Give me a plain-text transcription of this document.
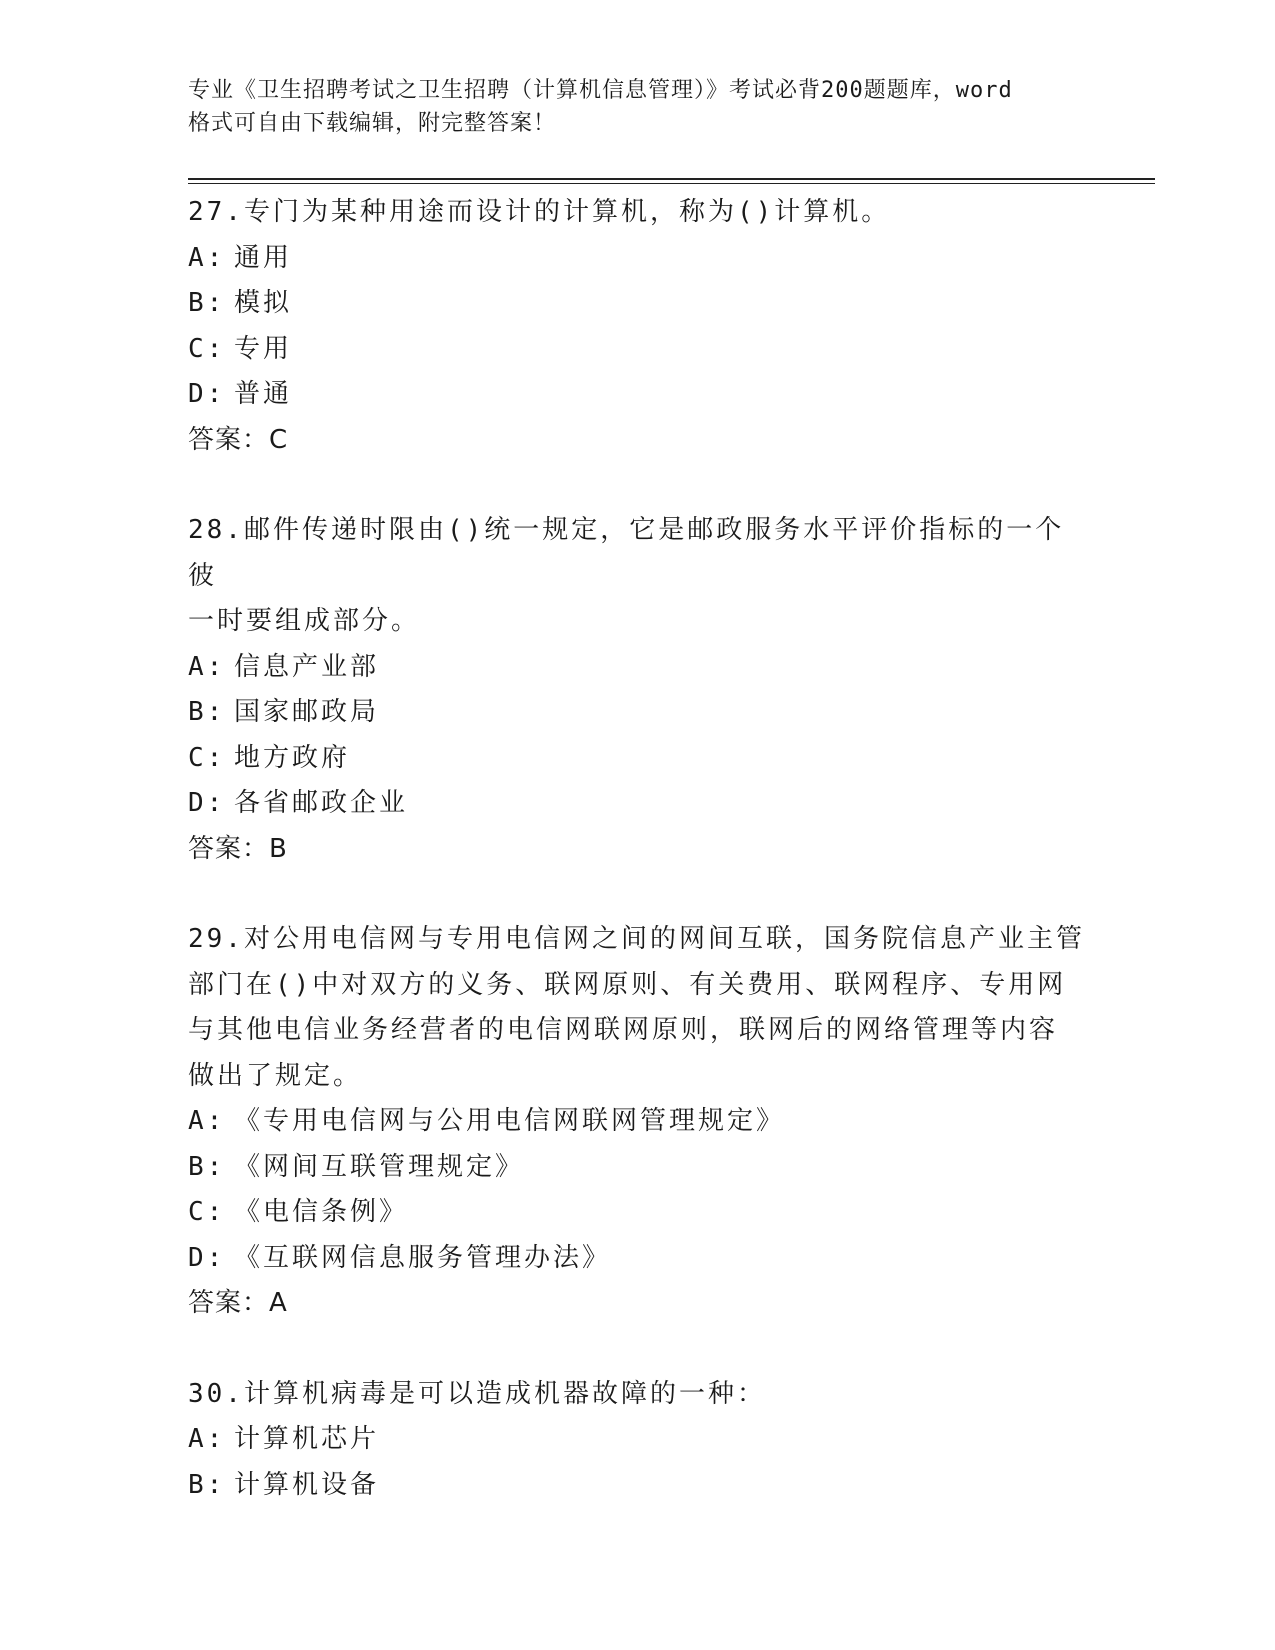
专业《卫生招聘考试之卫生招聘（计算机信息管理）》考试必背200题题库，word
格式可自由下载编辑，附完整答案！
27.专门为某种用途而设计的计算机，称为()计算机。
A: 通用
B: 模拟
C: 专用
D: 普通
答案：C
28.邮件传递时限由()统一规定，它是邮政服务水平评价指标的一个彼
一时要组成部分。
A: 信息产业部
B: 国家邮政局
C: 地方政府
D: 各省邮政企业
答案：B
29.对公用电信网与专用电信网之间的网间互联，国务院信息产业主管
部门在()中对双方的义务、联网原则、有关费用、联网程序、专用网
与其他电信业务经营者的电信网联网原则，联网后的网络管理等内容
做出了规定。
A: 《专用电信网与公用电信网联网管理规定》
B: 《网间互联管理规定》
C: 《电信条例》
D: 《互联网信息服务管理办法》
答案：A
30.计算机病毒是可以造成机器故障的一种：
A: 计算机芯片
B: 计算机设备
